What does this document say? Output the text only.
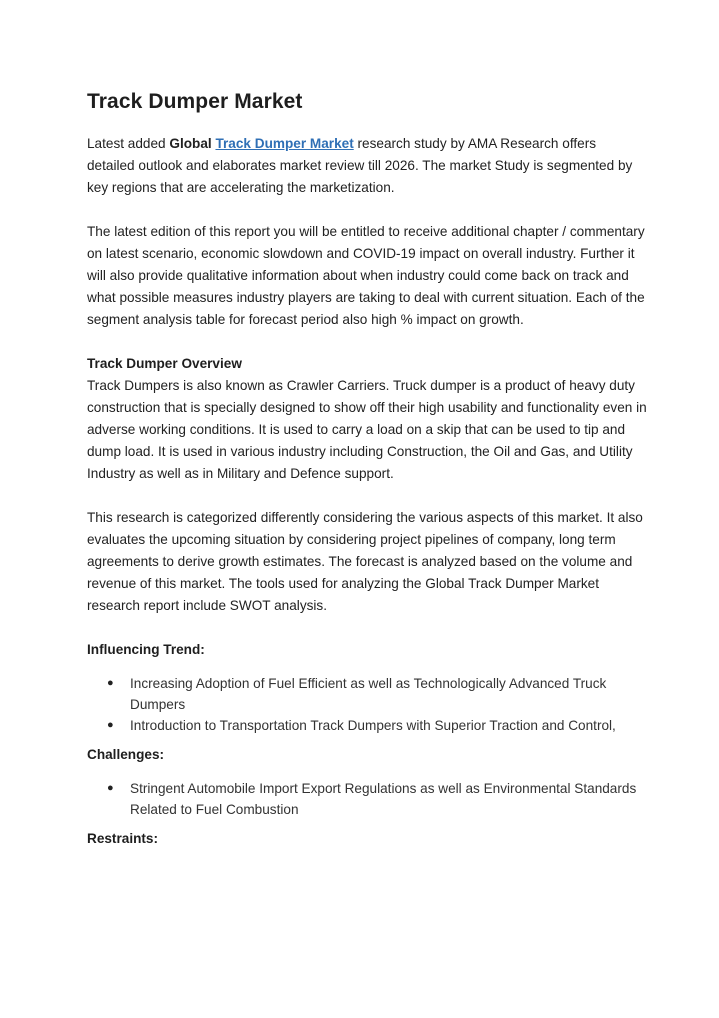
Track Dumper Market

Latest added Global Track Dumper Market research study by AMA Research offers detailed outlook and elaborates market review till 2026. The market Study is segmented by key regions that are accelerating the marketization.

The latest edition of this report you will be entitled to receive additional chapter / commentary on latest scenario, economic slowdown and COVID-19 impact on overall industry. Further it will also provide qualitative information about when industry could come back on track and what possible measures industry players are taking to deal with current situation. Each of the segment analysis table for forecast period also high % impact on growth.

Track Dumper Overview

Track Dumpers is also known as Crawler Carriers. Truck dumper is a product of heavy duty construction that is specially designed to show off their high usability and functionality even in adverse working conditions. It is used to carry a load on a skip that can be used to tip and dump load. It is used in various industry including Construction, the Oil and Gas, and Utility Industry as well as in Military and Defence support.

This research is categorized differently considering the various aspects of this market. It also evaluates the upcoming situation by considering project pipelines of company, long term agreements to derive growth estimates. The forecast is analyzed based on the volume and revenue of this market. The tools used for analyzing the Global Track Dumper Market research report include SWOT analysis.

Influencing Trend:
● Increasing Adoption of Fuel Efficient as well as Technologically Advanced Truck Dumpers
● Introduction to Transportation Track Dumpers with Superior Traction and Control,
Challenges:
● Stringent Automobile Import Export Regulations as well as Environmental Standards Related to Fuel Combustion
Restraints:
